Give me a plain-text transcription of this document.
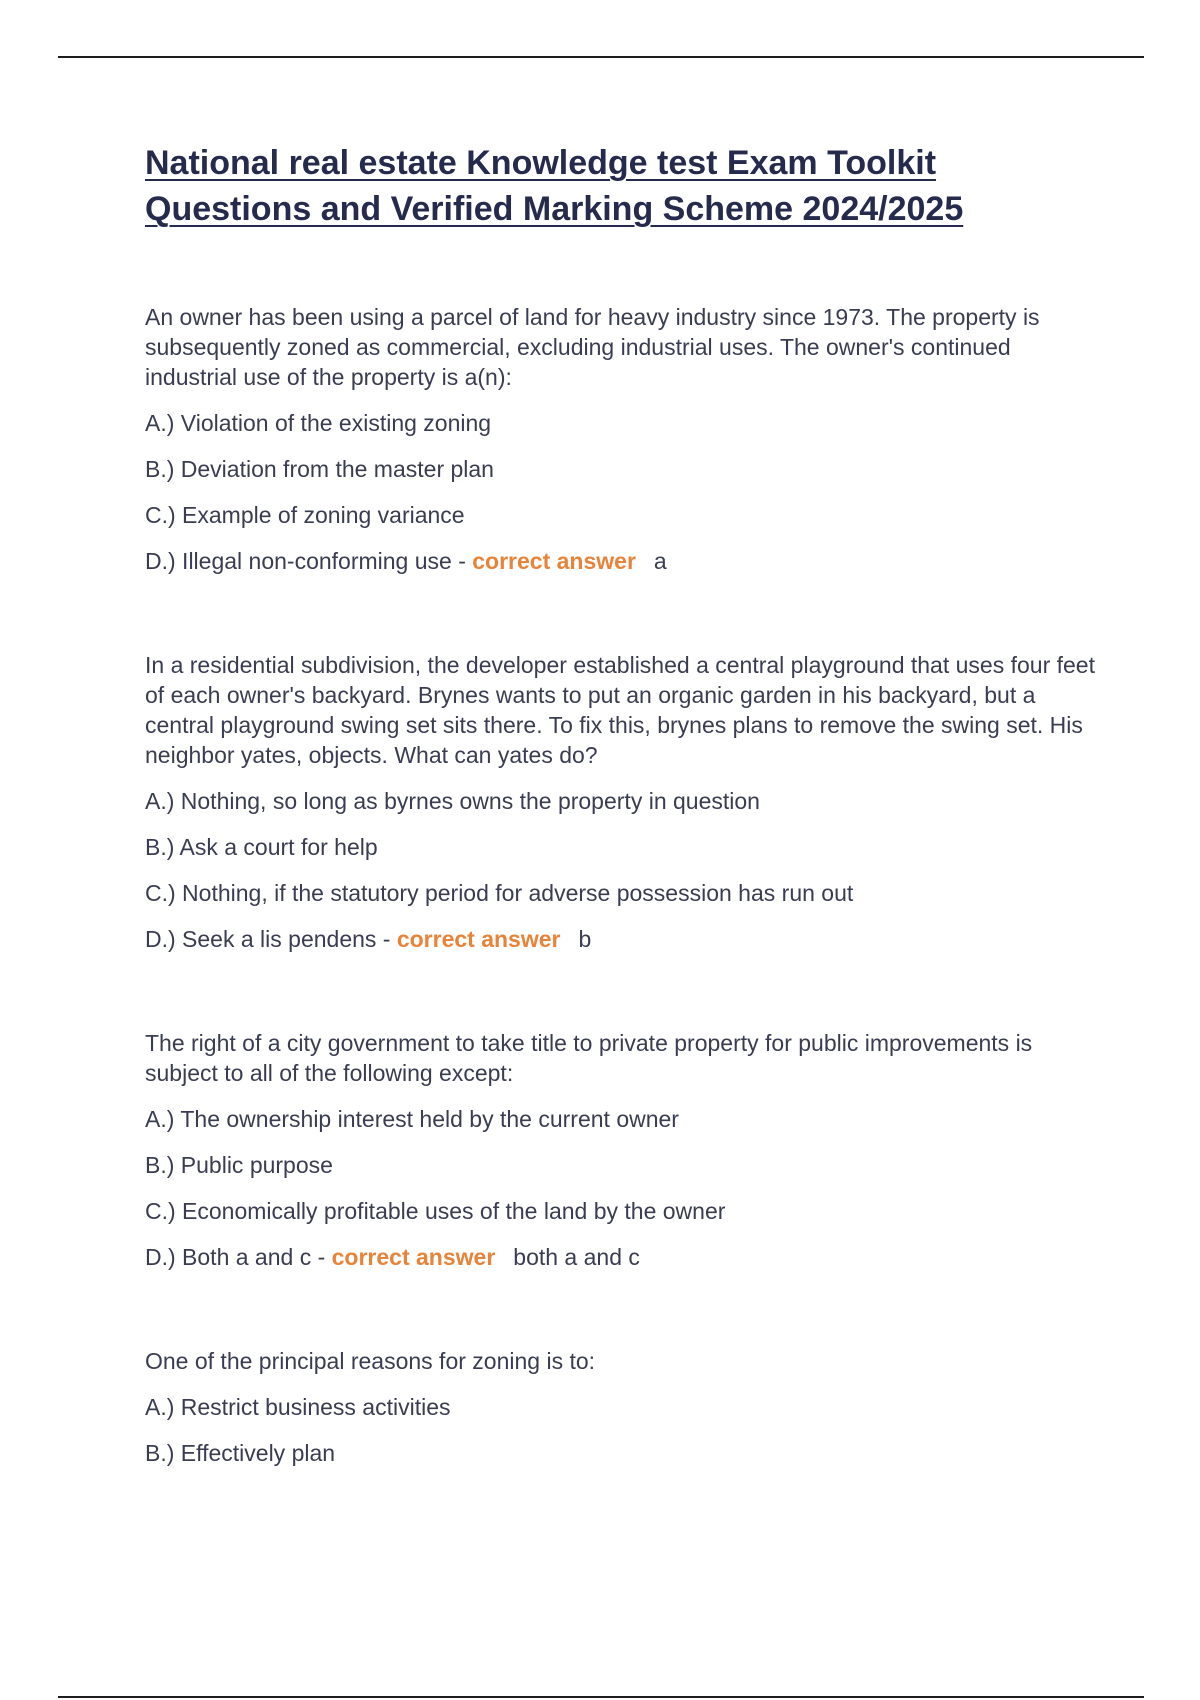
National real estate Knowledge test Exam Toolkit
Questions and Verified Marking Scheme 2024/2025

An owner has been using a parcel of land for heavy industry since 1973. The property is subsequently zoned as commercial, excluding industrial uses. The owner's continued industrial use of the property is a(n):

A.) Violation of the existing zoning

B.) Deviation from the master plan

C.) Example of zoning variance

D.) Illegal non-conforming use - correct answer a

In a residential subdivision, the developer established a central playground that uses four feet of each owner's backyard. Brynes wants to put an organic garden in his backyard, but a central playground swing set sits there. To fix this, brynes plans to remove the swing set. His neighbor yates, objects. What can yates do?

A.) Nothing, so long as byrnes owns the property in question

B.) Ask a court for help

C.) Nothing, if the statutory period for adverse possession has run out

D.) Seek a lis pendens - correct answer b

The right of a city government to take title to private property for public improvements is subject to all of the following except:

A.) The ownership interest held by the current owner

B.) Public purpose

C.) Economically profitable uses of the land by the owner

D.) Both a and c - correct answer both a and c

One of the principal reasons for zoning is to:

A.) Restrict business activities

B.) Effectively plan
